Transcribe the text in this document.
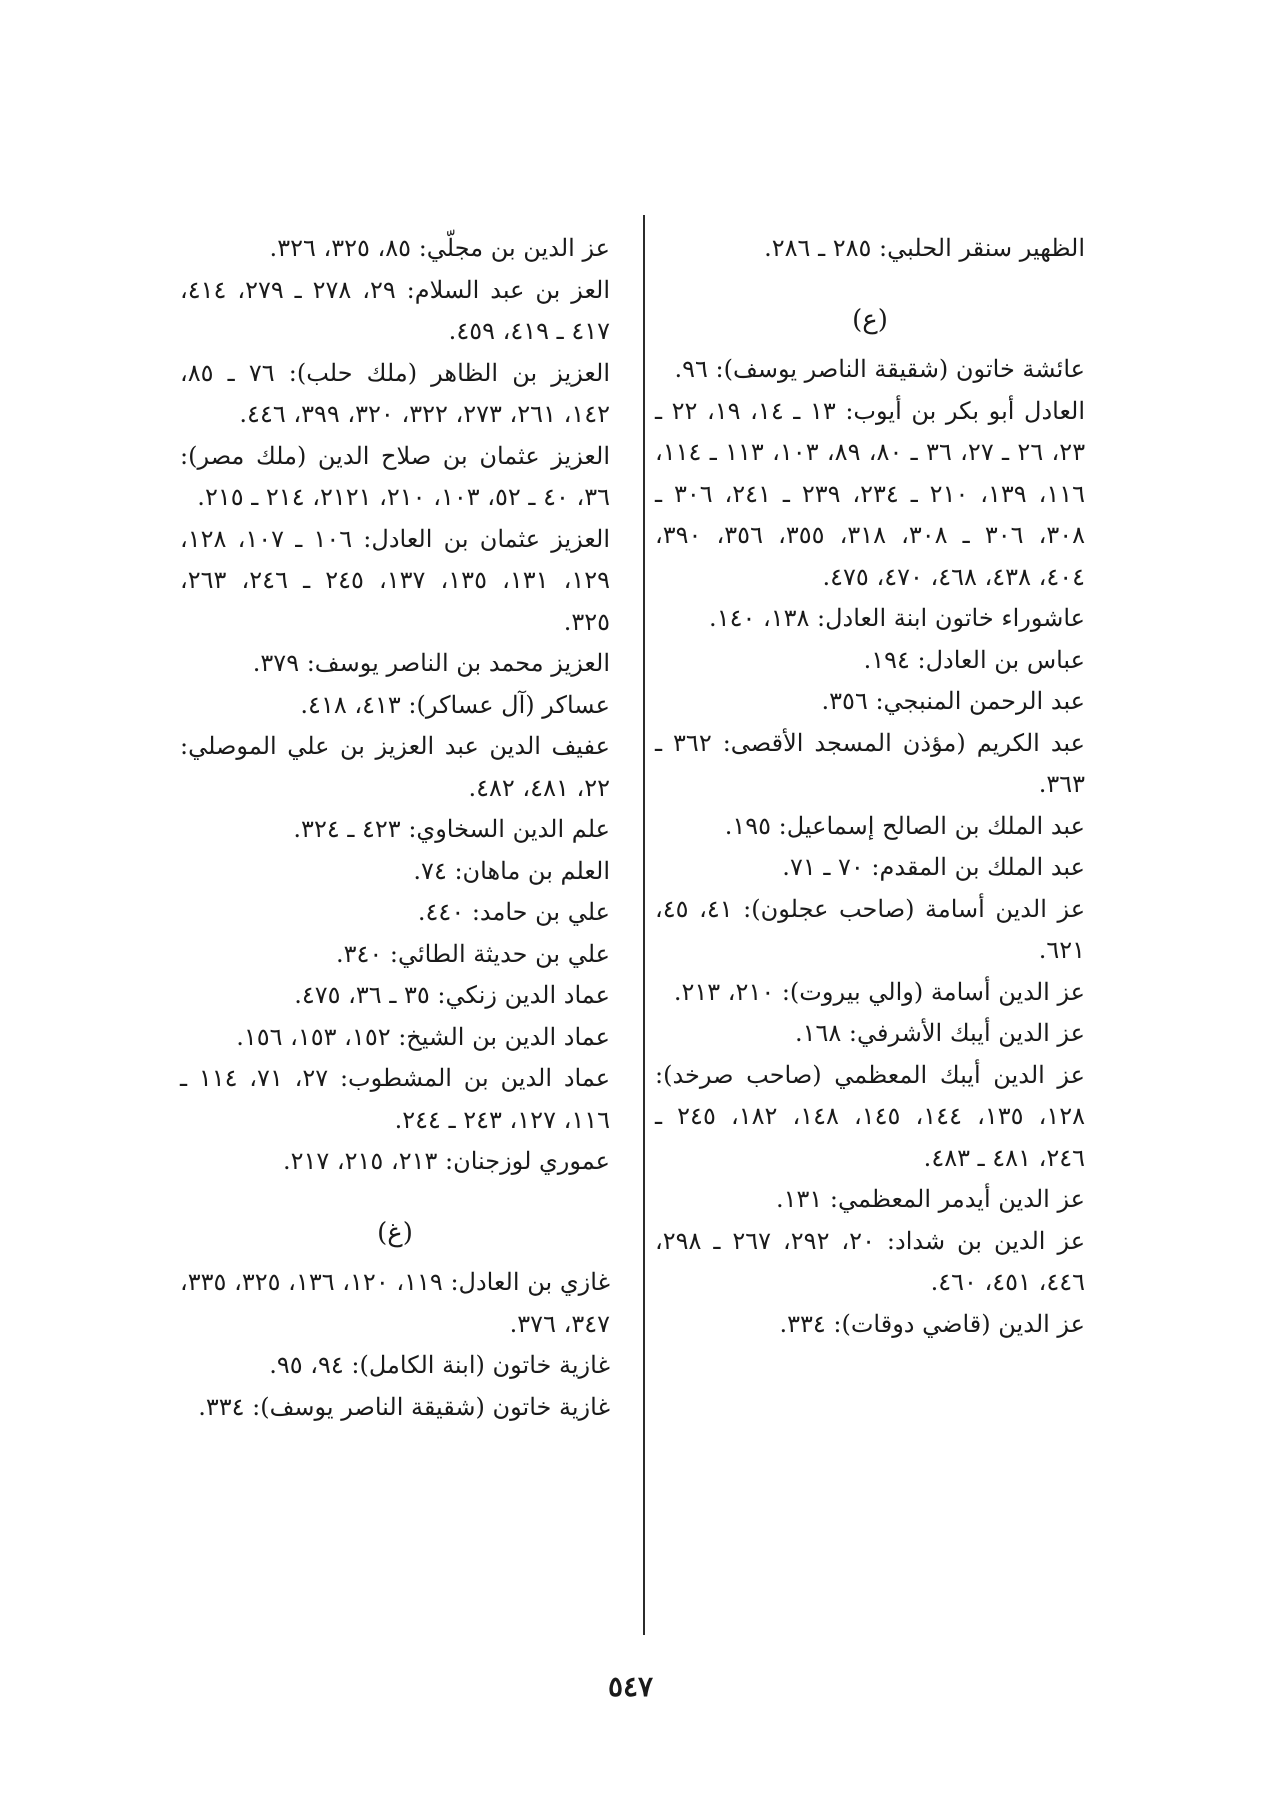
الظهير سنقر الحلبي: ٢٨٥ ـ ٢٨٦.

(ع)

عائشة خاتون (شقيقة الناصر يوسف): ٩٦.

العادل أبو بكر بن أيوب: ١٣ ـ ١٤، ١٩، ٢٢ ـ ٢٣، ٢٦ ـ ٢٧، ٣٦ ـ ٨٠، ٨٩، ١٠٣، ١١٣ ـ ١١٤، ١١٦، ١٣٩، ٢١٠ ـ ٢٣٤، ٢٣٩ ـ ٢٤١، ٣٠٦ ـ ٣٠٨، ٣٠٦ ـ ٣٠٨، ٣١٨، ٣٥٥، ٣٥٦، ٣٩٠، ٤٠٤، ٤٣٨، ٤٦٨، ٤٧٠، ٤٧٥.

عاشوراء خاتون ابنة العادل: ١٣٨، ١٤٠.

عباس بن العادل: ١٩٤.

عبد الرحمن المنبجي: ٣٥٦.

عبد الكريم (مؤذن المسجد الأقصى: ٣٦٢ ـ ٣٦٣.

عبد الملك بن الصالح إسماعيل: ١٩٥.

عبد الملك بن المقدم: ٧٠ ـ ٧١.

عز الدين أسامة (صاحب عجلون): ٤١، ٤٥، ٦٢١.

عز الدين أسامة (والي بيروت): ٢١٠، ٢١٣.

عز الدين أيبك الأشرفي: ١٦٨.

عز الدين أيبك المعظمي (صاحب صرخد): ١٢٨، ١٣٥، ١٤٤، ١٤٥، ١٤٨، ١٨٢، ٢٤٥ ـ ٢٤٦، ٤٨١ ـ ٤٨٣.

عز الدين أيدمر المعظمي: ١٣١.

عز الدين بن شداد: ٢٠، ٢٩٢، ٢٦٧ ـ ٢٩٨، ٤٤٦، ٤٥١، ٤٦٠.

عز الدين (قاضي دوقات): ٣٣٤.

عز الدين بن مجلّي: ٨٥، ٣٢٥، ٣٢٦.

العز بن عبد السلام: ٢٩، ٢٧٨ ـ ٢٧٩، ٤١٤، ٤١٧ ـ ٤١٩، ٤٥٩.

العزيز بن الظاهر (ملك حلب): ٧٦ ـ ٨٥، ١٤٢، ٢٦١، ٢٧٣، ٣٢٢، ٣٢٠، ٣٩٩، ٤٤٦.

العزيز عثمان بن صلاح الدين (ملك مصر): ٣٦، ٤٠ ـ ٥٢، ١٠٣، ٢١٠، ٢١٢١، ٢١٤ ـ ٢١٥.

العزيز عثمان بن العادل: ١٠٦ ـ ١٠٧، ١٢٨، ١٢٩، ١٣١، ١٣٥، ١٣٧، ٢٤٥ ـ ٢٤٦، ٢٦٣، ٣٢٥.

العزيز محمد بن الناصر يوسف: ٣٧٩.

عساكر (آل عساكر): ٤١٣، ٤١٨.

عفيف الدين عبد العزيز بن علي الموصلي: ٢٢، ٤٨١، ٤٨٢.

علم الدين السخاوي: ٤٢٣ ـ ٣٢٤.

العلم بن ماهان: ٧٤.

علي بن حامد: ٤٤٠.

علي بن حديثة الطائي: ٣٤٠.

عماد الدين زنكي: ٣٥ ـ ٣٦، ٤٧٥.

عماد الدين بن الشيخ: ١٥٢، ١٥٣، ١٥٦.

عماد الدين بن المشطوب: ٢٧، ٧١، ١١٤ ـ ١١٦، ١٢٧، ٢٤٣ ـ ٢٤٤.

عموري لوزجنان: ٢١٣، ٢١٥، ٢١٧.

(غ)

غازي بن العادل: ١١٩، ١٢٠، ١٣٦، ٣٢٥، ٣٣٥، ٣٤٧، ٣٧٦.

غازية خاتون (ابنة الكامل): ٩٤، ٩٥.

غازية خاتون (شقيقة الناصر يوسف): ٣٣٤.

٥٤٧
